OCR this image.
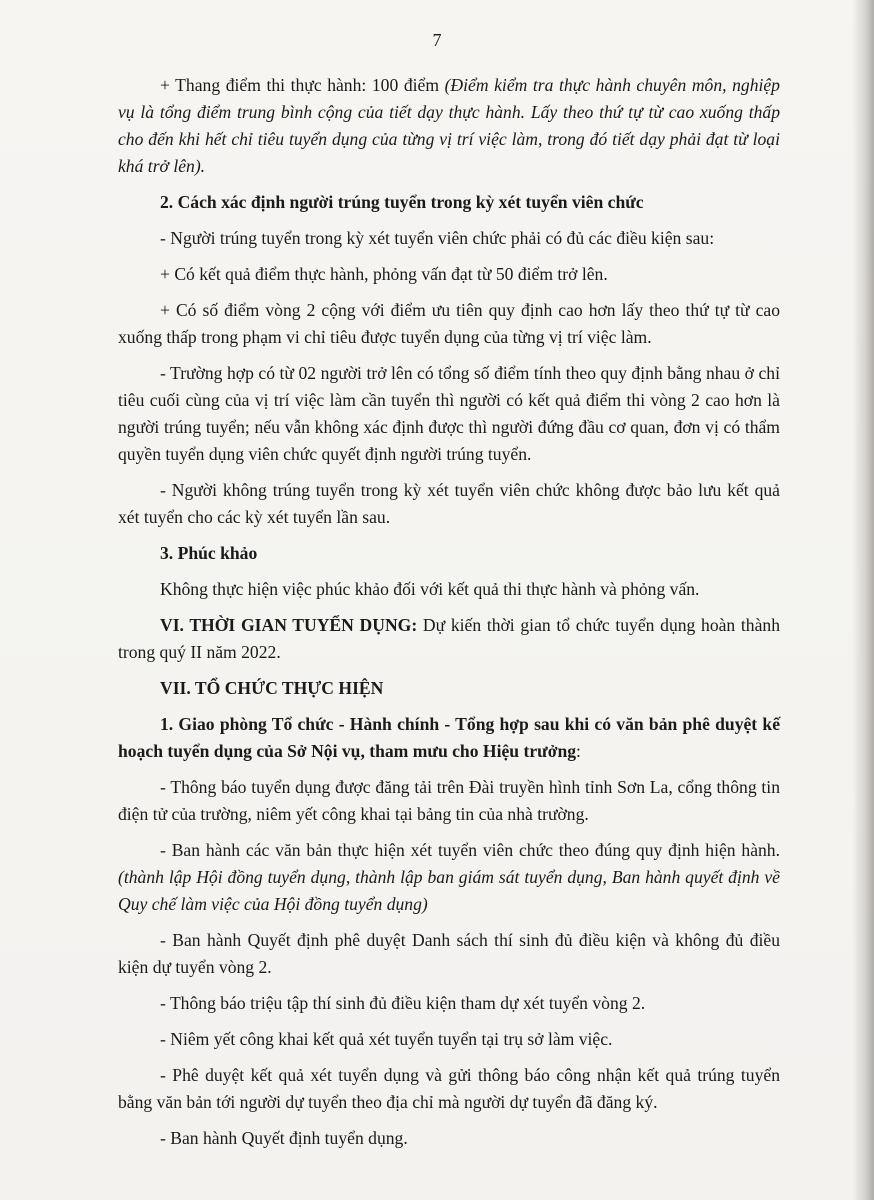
7

+ Thang điểm thi thực hành: 100 điểm (Điểm kiểm tra thực hành chuyên môn, nghiệp vụ là tổng điểm trung bình cộng của tiết dạy thực hành. Lấy theo thứ tự từ cao xuống thấp cho đến khi hết chỉ tiêu tuyển dụng của từng vị trí việc làm, trong đó tiết dạy phải đạt từ loại khá trở lên).

2. Cách xác định người trúng tuyển trong kỳ xét tuyển viên chức

- Người trúng tuyển trong kỳ xét tuyển viên chức phải có đủ các điều kiện sau:

+ Có kết quả điểm thực hành, phỏng vấn đạt từ 50 điểm trở lên.

+ Có số điểm vòng 2 cộng với điểm ưu tiên quy định cao hơn lấy theo thứ tự từ cao xuống thấp trong phạm vi chỉ tiêu được tuyển dụng của từng vị trí việc làm.

- Trường hợp có từ 02 người trở lên có tổng số điểm tính theo quy định bằng nhau ở chỉ tiêu cuối cùng của vị trí việc làm cần tuyển thì người có kết quả điểm thi vòng 2 cao hơn là người trúng tuyển; nếu vẫn không xác định được thì người đứng đầu cơ quan, đơn vị có thẩm quyền tuyển dụng viên chức quyết định người trúng tuyển.

- Người không trúng tuyển trong kỳ xét tuyển viên chức không được bảo lưu kết quả xét tuyển cho các kỳ xét tuyển lần sau.

3. Phúc khảo

Không thực hiện việc phúc khảo đối với kết quả thi thực hành và phỏng vấn.

VI. THỜI GIAN TUYỂN DỤNG: Dự kiến thời gian tổ chức tuyển dụng hoàn thành trong quý II năm 2022.

VII. TỔ CHỨC THỰC HIỆN

1. Giao phòng Tổ chức - Hành chính - Tổng hợp sau khi có văn bản phê duyệt kế hoạch tuyển dụng của Sở Nội vụ, tham mưu cho Hiệu trưởng:

- Thông báo tuyển dụng được đăng tải trên Đài truyền hình tỉnh Sơn La, cổng thông tin điện tử của trường, niêm yết công khai tại bảng tin của nhà trường.

- Ban hành các văn bản thực hiện xét tuyển viên chức theo đúng quy định hiện hành.(thành lập Hội đồng tuyển dụng, thành lập ban giám sát tuyển dụng, Ban hành quyết định về Quy chế làm việc của Hội đồng tuyển dụng)

- Ban hành Quyết định phê duyệt Danh sách thí sinh đủ điều kiện và không đủ điều kiện dự tuyển vòng 2.

- Thông báo triệu tập thí sinh đủ điều kiện tham dự xét tuyển vòng 2.

- Niêm yết công khai kết quả xét tuyển tuyển tại trụ sở làm việc.

- Phê duyệt kết quả xét tuyển dụng và gửi thông báo công nhận kết quả trúng tuyển bằng văn bản tới người dự tuyển theo địa chỉ mà người dự tuyển đã đăng ký.

- Ban hành Quyết định tuyển dụng.
